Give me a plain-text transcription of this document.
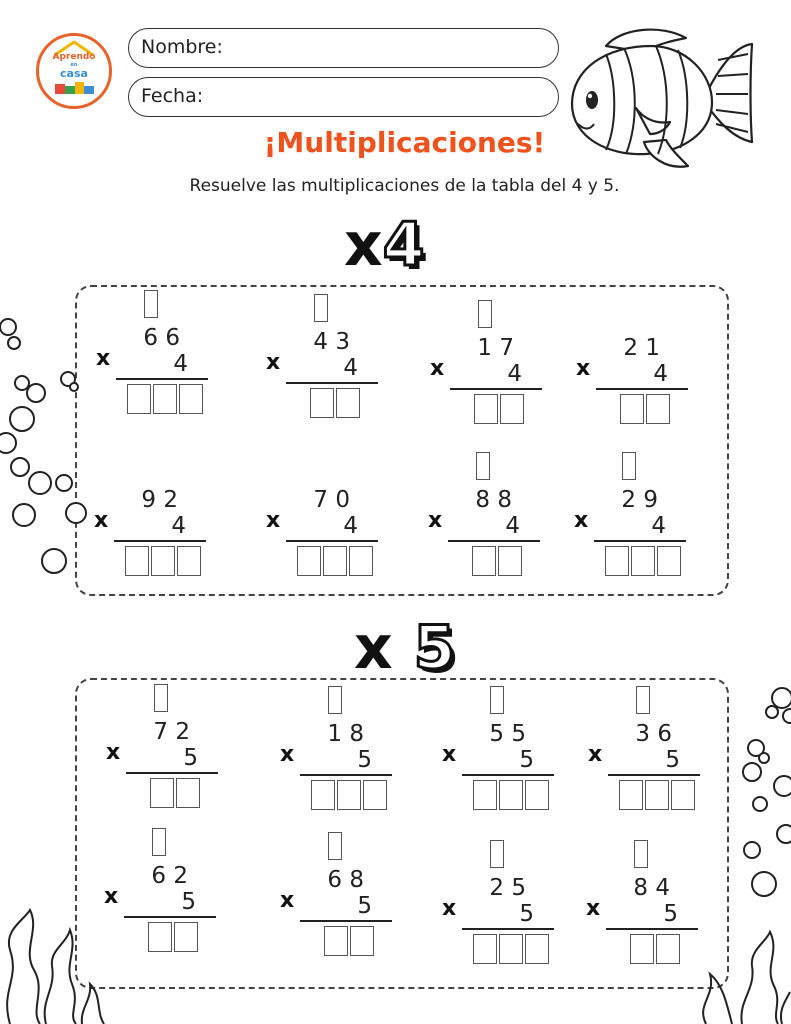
Aprendo
en
casa
Nombre:
Fecha:
¡Multiplicaciones!
Resuelve las multiplicaciones de la tabla del 4 y 5.
x4
x 5
6 6
4
x
4 3
4
x
1 7
4
x
2 1
4
x
9 2
4
x
7 0
4
x
8 8
4
x
2 9
4
x
7 2
5
x
1 8
5
x
5 5
5
x
3 6
5
x
6 2
5
x
6 8
5
x	2 5
5
x
8 4
5
x
